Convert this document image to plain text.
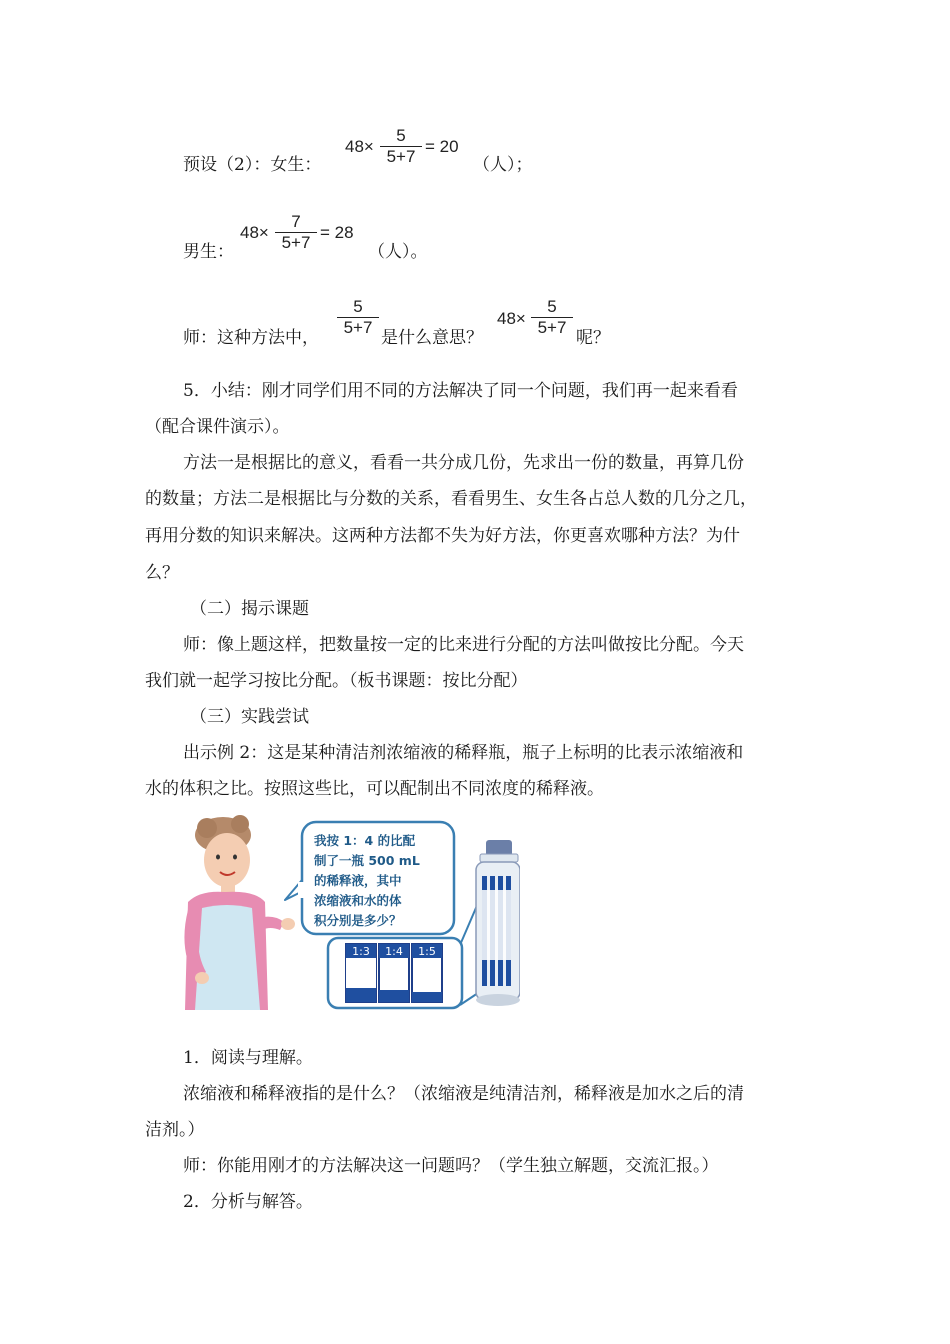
预设（2）：女生：
48×
5
5+7
= 20
（人）；
男生：
48×
7
5+7
= 28
（人）。
师：这种方法中，
5
5+7
是什么意思？
48×
5
5+7
呢？
5．小结：刚才同学们用不同的方法解决了同一个问题，我们再一起来看看
（配合课件演示）。
方法一是根据比的意义，看看一共分成几份，先求出一份的数量，再算几份
的数量；方法二是根据比与分数的关系，看看男生、女生各占总人数的几分之几，
再用分数的知识来解决。这两种方法都不失为好方法，你更喜欢哪种方法？为什
么？
（二）揭示课题
师：像上题这样，把数量按一定的比来进行分配的方法叫做按比分配。今天
我们就一起学习按比分配。（板书课题：按比分配）
（三）实践尝试
出示例 2：这是某种清洁剂浓缩液的稀释瓶，瓶子上标明的比表示浓缩液和
水的体积之比。按照这些比，可以配制出不同浓度的稀释液。
我按 1：4 的比配
制了一瓶 500 mL
的稀释液，其中
浓缩液和水的体
积分别是多少？
1:3 1:4 1:5
1．阅读与理解。
浓缩液和稀释液指的是什么？（浓缩液是纯清洁剂，稀释液是加水之后的清
洁剂。）
师：你能用刚才的方法解决这一问题吗？（学生独立解题，交流汇报。）
2．分析与解答。
